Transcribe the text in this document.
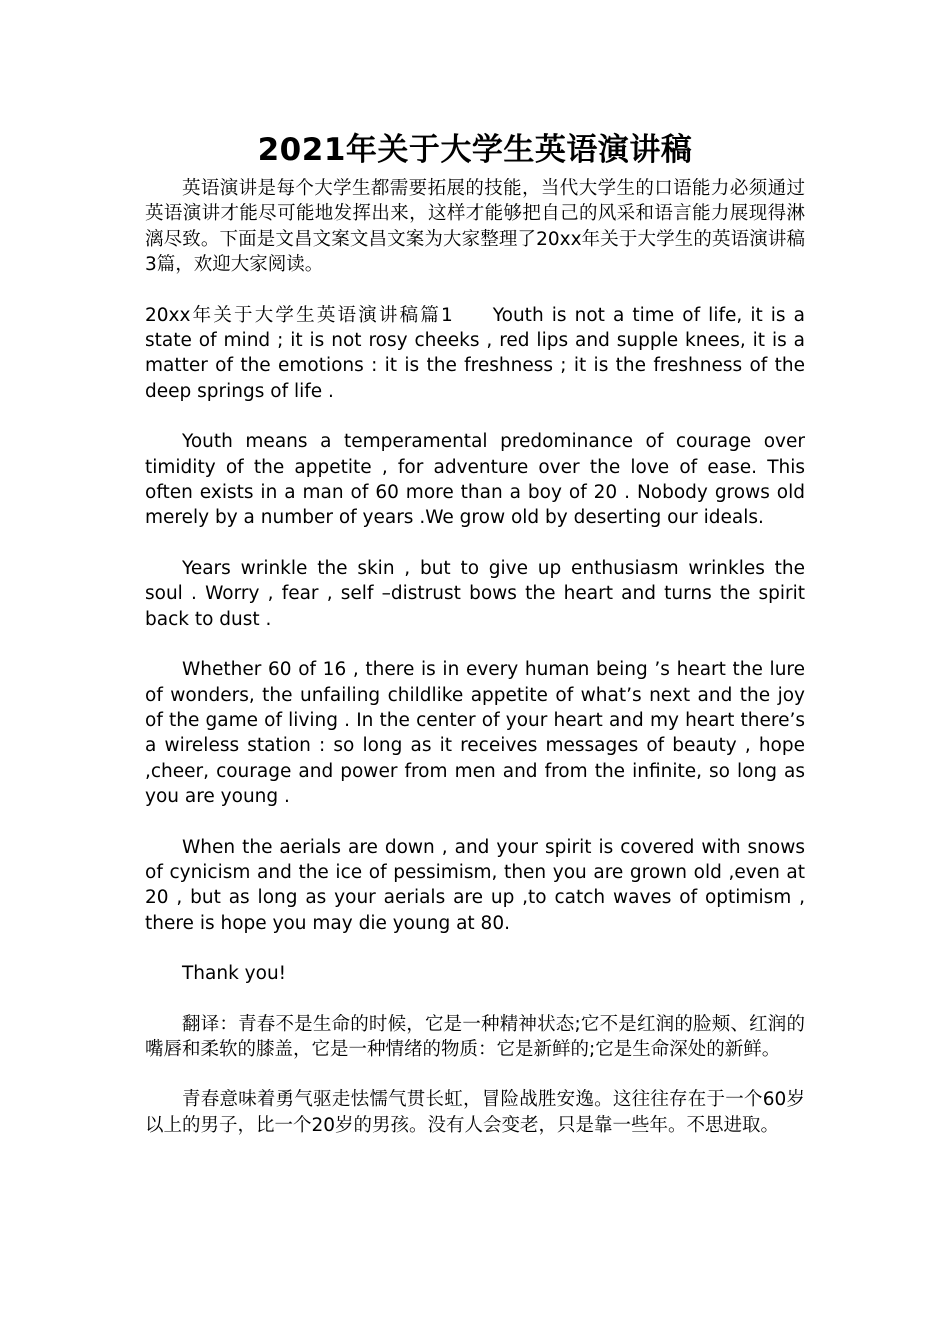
2021年关于大学生英语演讲稿

英语演讲是每个大学生都需要拓展的技能，当代大学生的口语能力必须通过英语演讲才能尽可能地发挥出来，这样才能够把自己的风采和语言能力展现得淋漓尽致。下面是文昌文案文昌文案为大家整理了20xx年关于大学生的英语演讲稿3篇，欢迎大家阅读。

20xx年关于大学生英语演讲稿篇1 Youth is not a time of life, it is a state of mind ; it is not rosy cheeks , red lips and supple knees, it is a matter of the emotions : it is the freshness ; it is the freshness of the deep springs of life .

Youth means a temperamental predominance of courage over timidity of the appetite , for adventure over the love of ease. This often exists in a man of 60 more than a boy of 20 . Nobody grows old merely by a number of years .We grow old by deserting our ideals.

Years wrinkle the skin , but to give up enthusiasm wrinkles the soul . Worry , fear , self –distrust bows the heart and turns the spirit back to dust .

Whether 60 of 16 , there is in every human being ’s heart the lure of wonders, the unfailing childlike appetite of what’s next and the joy of the game of living . In the center of your heart and my heart there’s a wireless station : so long as it receives messages of beauty , hope ,cheer, courage and power from men and from the infinite, so long as you are young .

When the aerials are down , and your spirit is covered with snows of cynicism and the ice of pessimism, then you are grown old ,even at 20 , but as long as your aerials are up ,to catch waves of optimism , there is hope you may die young at 80.

Thank you!

翻译：青春不是生命的时候，它是一种精神状态;它不是红润的脸颊、红润的嘴唇和柔软的膝盖，它是一种情绪的物质：它是新鲜的;它是生命深处的新鲜。

青春意味着勇气驱走怯懦气贯长虹，冒险战胜安逸。这往往存在于一个60岁以上的男子，比一个20岁的男孩。没有人会变老，只是靠一些年。不思进取。
